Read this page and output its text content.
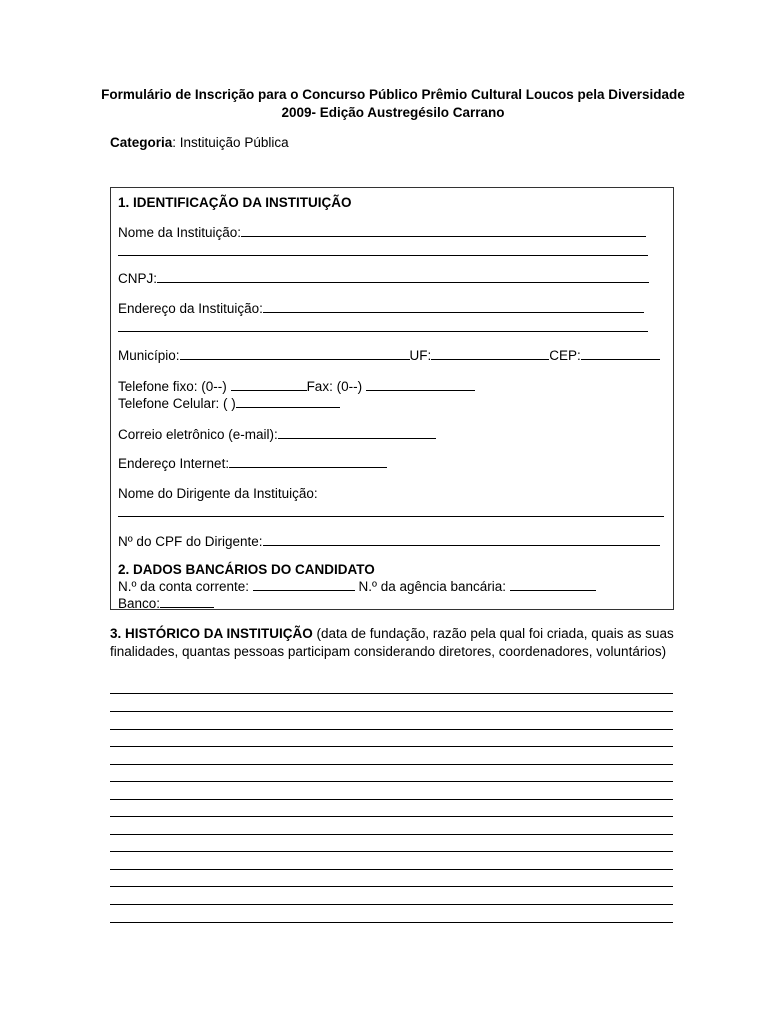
Formulário de Inscrição para o Concurso Público Prêmio Cultural Loucos pela Diversidade 2009- Edição Austregésilo Carrano
Categoria: Instituição Pública
1. IDENTIFICAÇÃO DA INSTITUIÇÃO
Nome da Instituição:
CNPJ:
Endereço da Instituição:
Município:	UF:	CEP:
Telefone fixo: (0--)	Fax: (0--)
Telefone Celular: ( )
Correio eletrônico (e-mail):
Endereço Internet:
Nome do Dirigente da Instituição:
Nº do CPF do Dirigente:
2. DADOS BANCÁRIOS DO CANDIDATO
N.º da conta corrente:	N.º da agência bancária:
Banco:
3. HISTÓRICO DA INSTITUIÇÃO (data de fundação, razão pela qual foi criada, quais as suas finalidades, quantas pessoas participam considerando diretores, coordenadores, voluntários)
